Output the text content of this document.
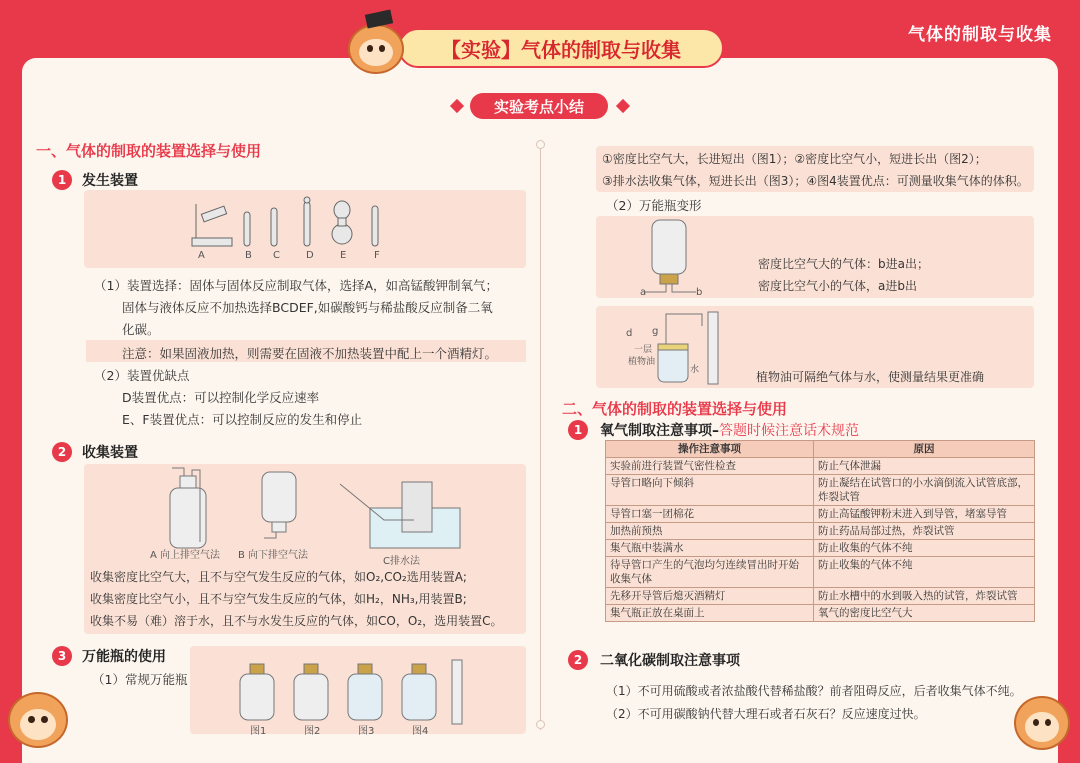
气体的制取与收集
【实验】气体的制取与收集
实验考点小结
一、气体的制取的装置选择与使用
1	发生装置
A	B C	D	E	F
（1）装置选择：固体与固体反应制取气体，选择A，如高锰酸钾制氧气；
固体与液体反应不加热选择BCDEF,如碳酸钙与稀盐酸反应制备二氧
化碳。
注意：如果固液加热，则需要在固液不加热装置中配上一个酒精灯。
（2）装置优缺点
D装置优点：可以控制化学反应速率
E、F装置优点：可以控制反应的发生和停止
2	收集装置
A 向上排空气法 B 向下排空气法
C排水法
收集密度比空气大，且不与空气发生反应的气体，如O₂,CO₂选用装置A;
收集密度比空气小，且不与空气发生反应的气体，如H₂，NH₃,用装置B;
收集不易（难）溶于水，且不与水发生反应的气体，如CO，O₂，选用装置C。
3	万能瓶的使用
（1）常规万能瓶
图1	图2	图3	图4
①密度比空气大，长进短出（图1）；②密度比空气小，短进长出（图2）；
③排水法收集气体，短进长出（图3）；④图4装置优点：可测量收集气体的体积。
（2）万能瓶变形
a	b
密度比空气大的气体：b进a出；
密度比空气小的气体，a进b出
d g
一层
植物油
水	植物油可隔绝气体与水，使测量结果更准确
二、气体的制取的装置选择与使用
1	氧气制取注意事项–答题时候注意话术规范
操作注意事项	原因
实验前进行装置气密性检查	防止气体泄漏
导管口略向下倾斜	防止凝结在试管口的小水滴倒流入试管底部，炸裂试管
导管口塞一团棉花	防止高锰酸钾粉末进入到导管，堵塞导管
加热前预热	防止药品局部过热，炸裂试管
集气瓶中装满水	防止收集的气体不纯
待导管口产生的气泡均匀连续冒出时开始收集气体	防止收集的气体不纯
先移开导管后熄灭酒精灯	防止水槽中的水到吸入热的试管，炸裂试管
集气瓶正放在桌面上	氧气的密度比空气大
2	二氧化碳制取注意事项
（1）不可用硫酸或者浓盐酸代替稀盐酸？前者阻碍反应，后者收集气体不纯。
（2）不可用碳酸钠代替大理石或者石灰石？反应速度过快。
